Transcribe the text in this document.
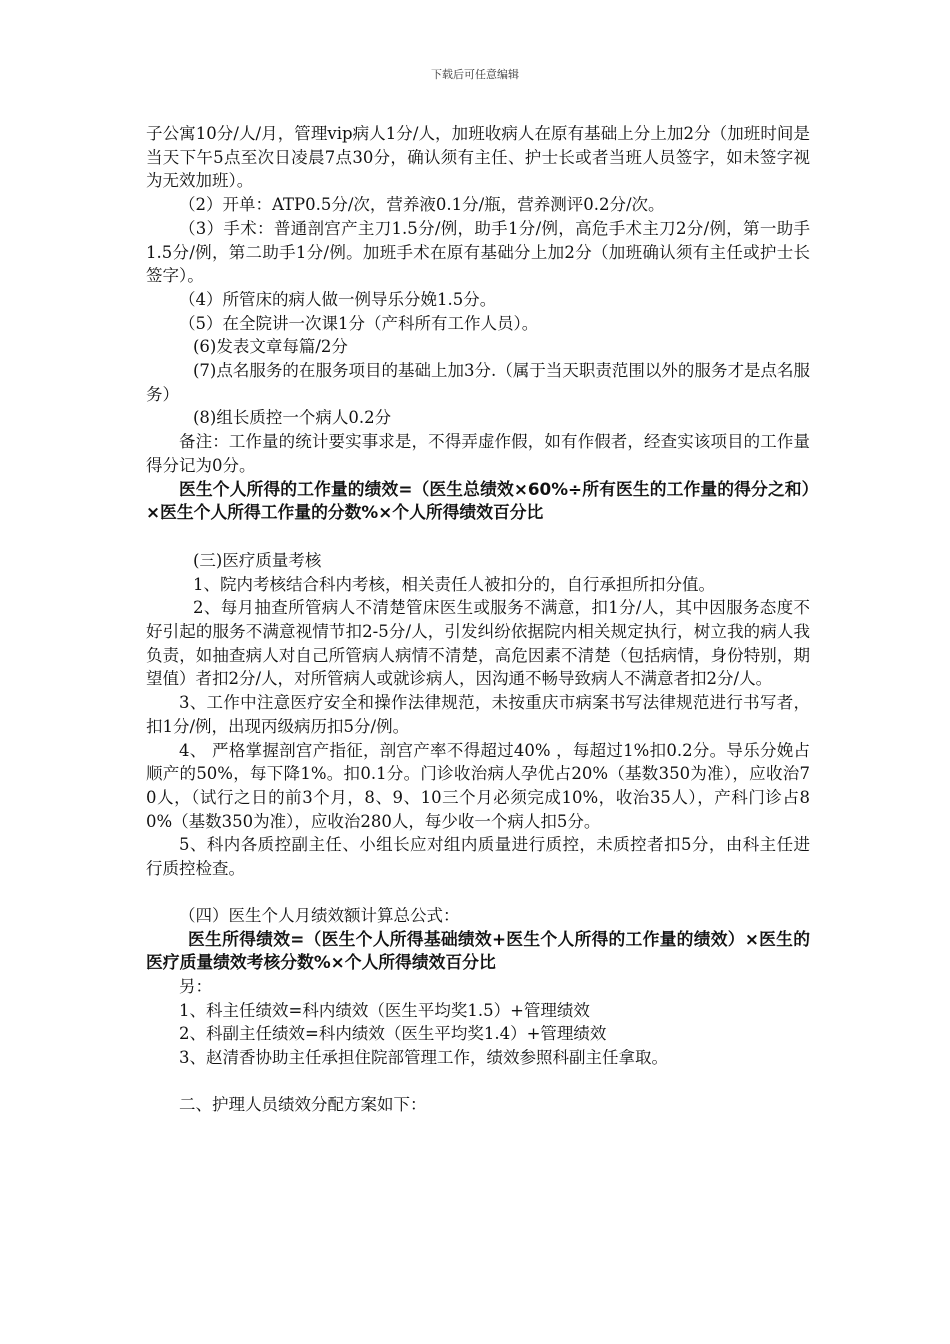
下载后可任意编辑

子公寓10分/人/月，管理vip病人1分/人，加班收病人在原有基础上分上加2分（加班时间是当天下午5点至次日凌晨7点30分，确认须有主任、护士长或者当班人员签字，如未签字视为无效加班）。

（2）开单：ATP0.5分/次，营养液0.1分/瓶，营养测评0.2分/次。

（3）手术：普通剖宫产主刀1.5分/例，助手1分/例，高危手术主刀2分/例，第一助手1.5分/例，第二助手1分/例。加班手术在原有基础分上加2分（加班确认须有主任或护士长签字）。

（4）所管床的病人做一例导乐分娩1.5分。

（5）在全院讲一次课1分（产科所有工作人员）。

(6)发表文章每篇/2分

(7)点名服务的在服务项目的基础上加3分.（属于当天职责范围以外的服务才是点名服务）

(8)组长质控一个病人0.2分

备注：工作量的统计要实事求是，不得弄虚作假，如有作假者，经查实该项目的工作量得分记为0分。

医生个人所得的工作量的绩效=（医生总绩效×60%÷所有医生的工作量的得分之和）×医生个人所得工作量的分数%×个人所得绩效百分比

(三)医疗质量考核

1、院内考核结合科内考核，相关责任人被扣分的，自行承担所扣分值。

2、每月抽查所管病人不清楚管床医生或服务不满意，扣1分/人，其中因服务态度不好引起的服务不满意视情节扣2-5分/人，引发纠纷依据院内相关规定执行，树立我的病人我负责，如抽查病人对自己所管病人病情不清楚，高危因素不清楚（包括病情，身份特别，期望值）者扣2分/人，对所管病人或就诊病人，因沟通不畅导致病人不满意者扣2分/人。

3、工作中注意医疗安全和操作法律规范，未按重庆市病案书写法律规范进行书写者，扣1分/例，出现丙级病历扣5分/例。

4、 严格掌握剖宫产指征，剖宫产率不得超过40% ，每超过1%扣0.2分。导乐分娩占顺产的50%，每下降1%。扣0.1分。门诊收治病人孕优占20%（基数350为准），应收治70人，（试行之日的前3个月，8、9、10三个月必须完成10%，收治35人），产科门诊占80%（基数350为准），应收治280人，每少收一个病人扣5分。

5、科内各质控副主任、小组长应对组内质量进行质控，未质控者扣5分，由科主任进行质控检查。

（四）医生个人月绩效额计算总公式：

医生所得绩效=（医生个人所得基础绩效+医生个人所得的工作量的绩效）×医生的医疗质量绩效考核分数%×个人所得绩效百分比

另：

1、科主任绩效=科内绩效（医生平均奖1.5）+管理绩效

2、科副主任绩效=科内绩效（医生平均奖1.4）+管理绩效

3、赵清香协助主任承担住院部管理工作，绩效参照科副主任拿取。

二、护理人员绩效分配方案如下：
